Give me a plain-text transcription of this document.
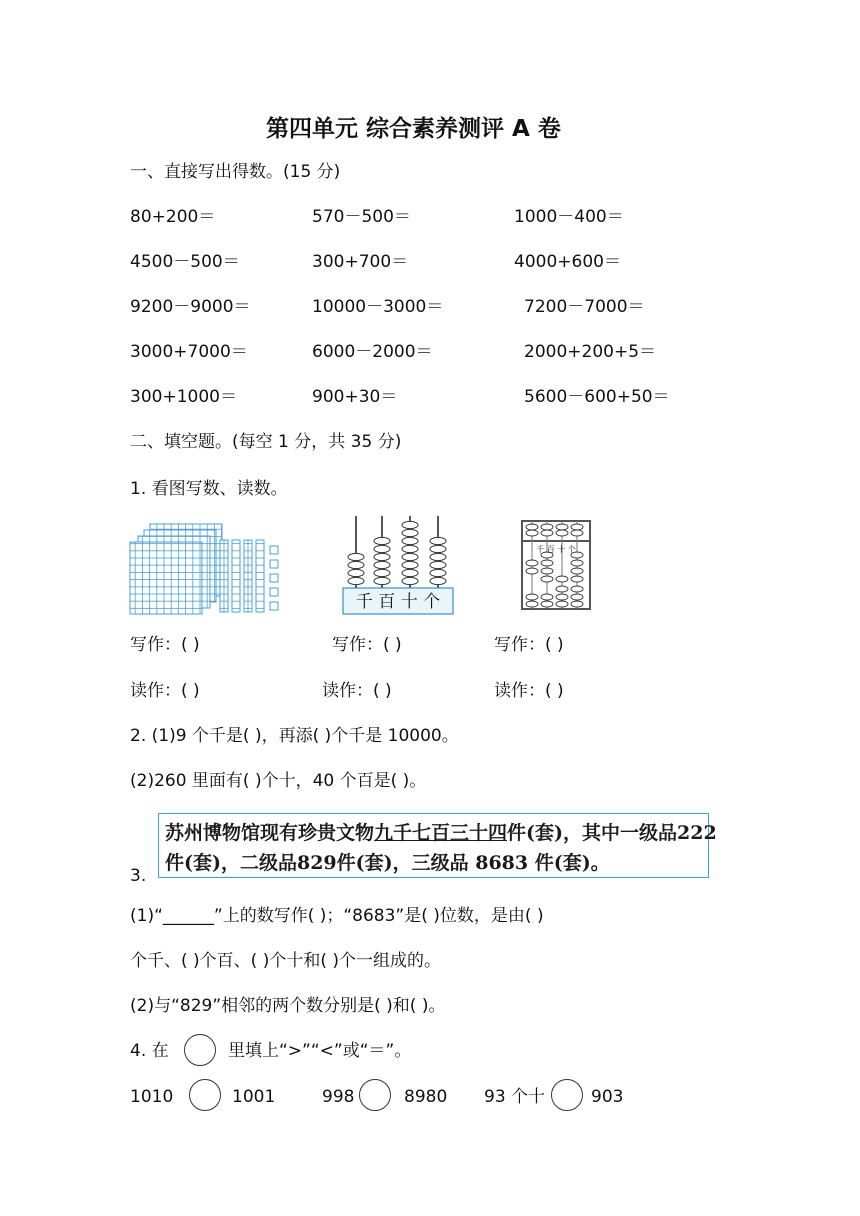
第四单元 综合素养测评 A 卷
一、直接写出得数。(15 分)
80+200＝	570－500＝	1000－400＝
4500－500＝	300+700＝	4000+600＝
9200－9000＝	10000－3000＝	7200－7000＝
3000+7000＝	6000－2000＝	2000+200+5＝
300+1000＝	900+30＝	5600－600+50＝
二、填空题。(每空 1 分，共 35 分)
1. 看图写数、读数。
千 百 十 个
千 百 十 个
写作：( )	写作：( )	写作：( )
读作：( )	读作：( )	读作：( )
2. (1)9 个千是( )，再添( )个千是 10000。
(2)260 里面有( )个十，40 个百是( )。
苏州博物馆现有珍贵文物九千七百三十四件(套)，其中一级品222
件(套)，二级品829件(套)，三级品 8683 件(套)。
3.
(1)“______”上的数写作( )；“8683”是( )位数，是由( )
个千、( )个百、( )个十和( )个一组成的。
(2)与“829”相邻的两个数分别是( )和( )。
4. 在	里填上“>”“<”或“＝”。
1010	1001	998	8980 93 个十	903
